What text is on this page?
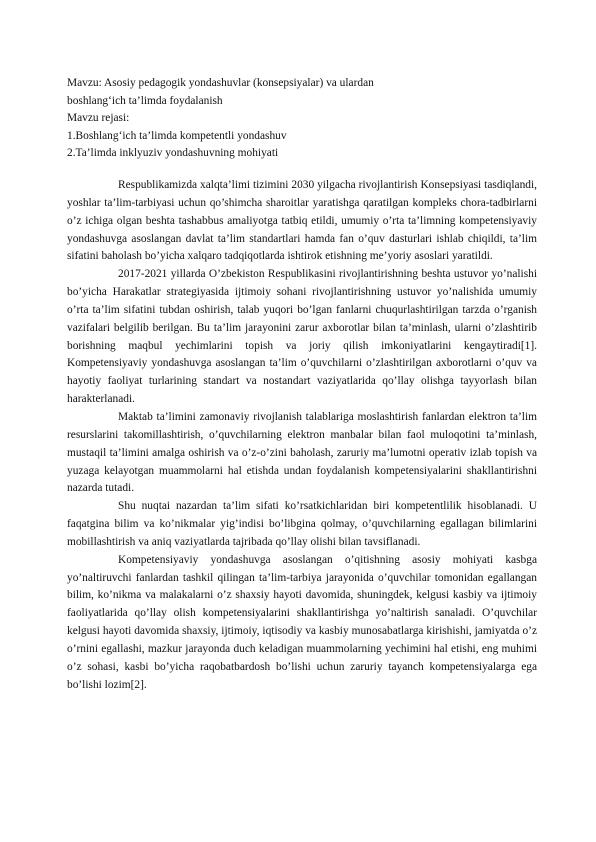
Mavzu: Asosiy pedagogik yondashuvlar (konsepsiyalar) va ulardan
boshlang‘ich ta’limda foydalanish
Mavzu rejasi:
1.Boshlang‘ich ta’limda kompetentli yondashuv
2.Ta’limda inklyuziv yondashuvning mohiyati

Respublikamizda xalqta’limi tizimini 2030 yilgacha rivojlantirish Konsepsiyasi tasdiqlandi, yoshlar ta’lim-tarbiyasi uchun qo’shimcha sharoitlar yaratishga qaratilgan kompleks chora-tadbirlarni o’z ichiga olgan beshta tashabbus amaliyotga tatbiq etildi, umumiy o’rta ta’limning kompetensiyaviy yondashuvga asoslangan davlat ta’lim standartlari hamda fan o’quv dasturlari ishlab chiqildi, ta’lim sifatini baholash bo’yicha xalqaro tadqiqotlarda ishtirok etishning me’yoriy asoslari yaratildi.

2017-2021 yillarda O’zbekiston Respublikasini rivojlantirishning beshta ustuvor yo’nalishi bo’yicha Harakatlar strategiyasida ijtimoiy sohani rivojlantirishning ustuvor yo’nalishida umumiy o’rta ta’lim sifatini tubdan oshirish, talab yuqori bo’lgan fanlarni chuqurlashtirilgan tarzda o’rganish vazifalari belgilib berilgan. Bu ta’lim jarayonini zarur axborotlar bilan ta’minlash, ularni o’zlashtirib borishning maqbul yechimlarini topish va joriy qilish imkoniyatlarini kengaytiradi[1]. Kompetensiyaviy yondashuvga asoslangan ta’lim o’quvchilarni o’zlashtirilgan axborotlarni o’quv va hayotiy faoliyat turlarining standart va nostandart vaziyatlarida qo’llay olishga tayyorlash bilan harakterlanadi.

Maktab ta’limini zamonaviy rivojlanish talablariga moslashtirish fanlardan elektron ta’lim resurslarini takomillashtirish, o’quvchilarning elektron manbalar bilan faol muloqotini ta’minlash, mustaqil ta’limini amalga oshirish va o’z-o’zini baholash, zaruriy ma’lumotni operativ izlab topish va yuzaga kelayotgan muammolarni hal etishda undan foydalanish kompetensiyalarini shakllantirishni nazarda tutadi.

Shu nuqtai nazardan ta’lim sifati ko’rsatkichlaridan biri kompetentlilik hisoblanadi. U faqatgina bilim va ko’nikmalar yig’indisi bo’libgina qolmay, o’quvchilarning egallagan bilimlarini mobillashtirish va aniq vaziyatlarda tajribada qo’llay olishi bilan tavsiflanadi.

Kompetensiyaviy yondashuvga asoslangan o’qitishning asosiy mohiyati kasbga yo’naltiruvchi fanlardan tashkil qilingan ta’lim-tarbiya jarayonida o’quvchilar tomonidan egallangan bilim, ko’nikma va malakalarni o’z shaxsiy hayoti davomida, shuningdek, kelgusi kasbiy va ijtimoiy faoliyatlarida qo’llay olish kompetensiyalarini shakllantirishga yo’naltirish sanaladi. O’quvchilar kelgusi hayoti davomida shaxsiy, ijtimoiy, iqtisodiy va kasbiy munosabatlarga kirishishi, jamiyatda o’z o’rnini egallashi, mazkur jarayonda duch keladigan muammolarning yechimini hal etishi, eng muhimi o’z sohasi, kasbi bo’yicha raqobatbardosh bo’lishi uchun zaruriy tayanch kompetensiyalarga ega bo’lishi lozim[2].
